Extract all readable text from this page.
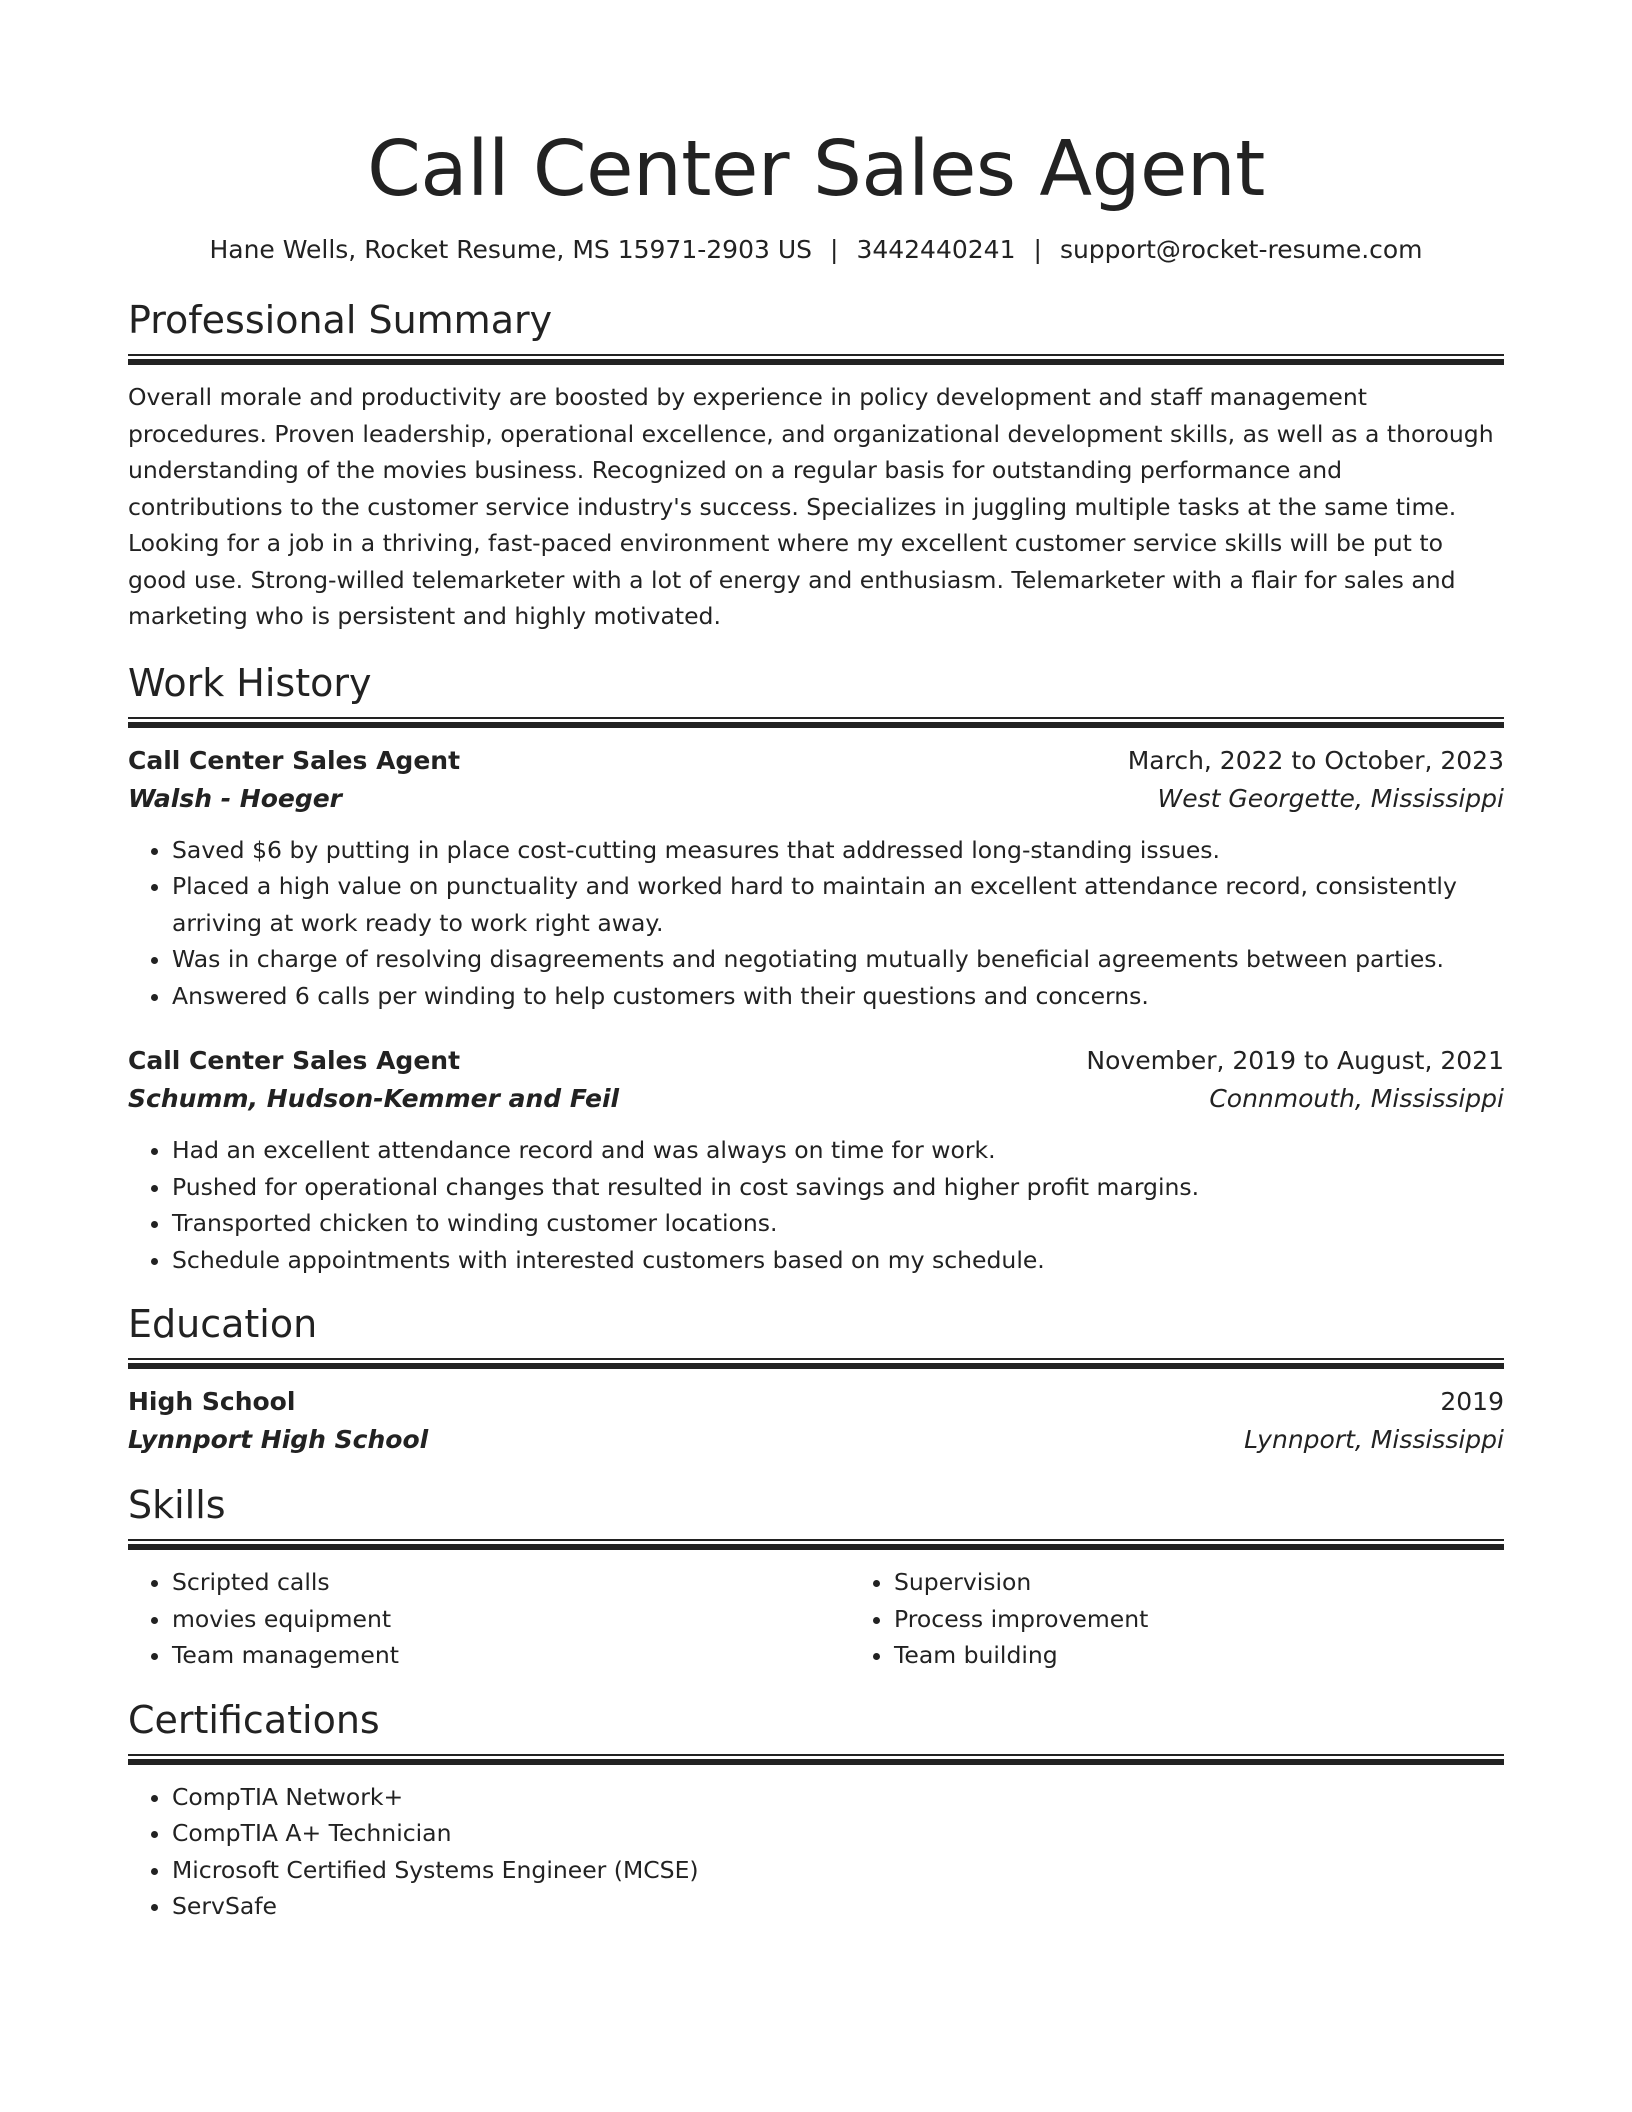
Call Center Sales Agent
Hane Wells, Rocket Resume, MS 15971-2903 US | 3442440241 | support@rocket-resume.com
Professional Summary

Overall morale and productivity are boosted by experience in policy development and staff management procedures. Proven leadership, operational excellence, and organizational development skills, as well as a thorough understanding of the movies business. Recognized on a regular basis for outstanding performance and contributions to the customer service industry's success. Specializes in juggling multiple tasks at the same time. Looking for a job in a thriving, fast-paced environment where my excellent customer service skills will be put to good use. Strong-willed telemarketer with a lot of energy and enthusiasm. Telemarketer with a flair for sales and marketing who is persistent and highly motivated.

Work History
Call Center Sales Agent	March, 2022 to October, 2023
Walsh - Hoeger	West Georgette, Mississippi
• Saved $6 by putting in place cost-cutting measures that addressed long-standing issues.
• Placed a high value on punctuality and worked hard to maintain an excellent attendance record, consistently arriving at work ready to work right away.
• Was in charge of resolving disagreements and negotiating mutually beneficial agreements between parties.
• Answered 6 calls per winding to help customers with their questions and concerns.
Call Center Sales Agent	November, 2019 to August, 2021
Schumm, Hudson-Kemmer and Feil	Connmouth, Mississippi
• Had an excellent attendance record and was always on time for work.
• Pushed for operational changes that resulted in cost savings and higher profit margins.
• Transported chicken to winding customer locations.
• Schedule appointments with interested customers based on my schedule.
Education
High School	2019
Lynnport High School	Lynnport, Mississippi
Skills
• Scripted calls
• movies equipment
• Team management
• Supervision
• Process improvement
• Team building
Certifications
• CompTIA Network+
• CompTIA A+ Technician
• Microsoft Certified Systems Engineer (MCSE)
• ServSafe
